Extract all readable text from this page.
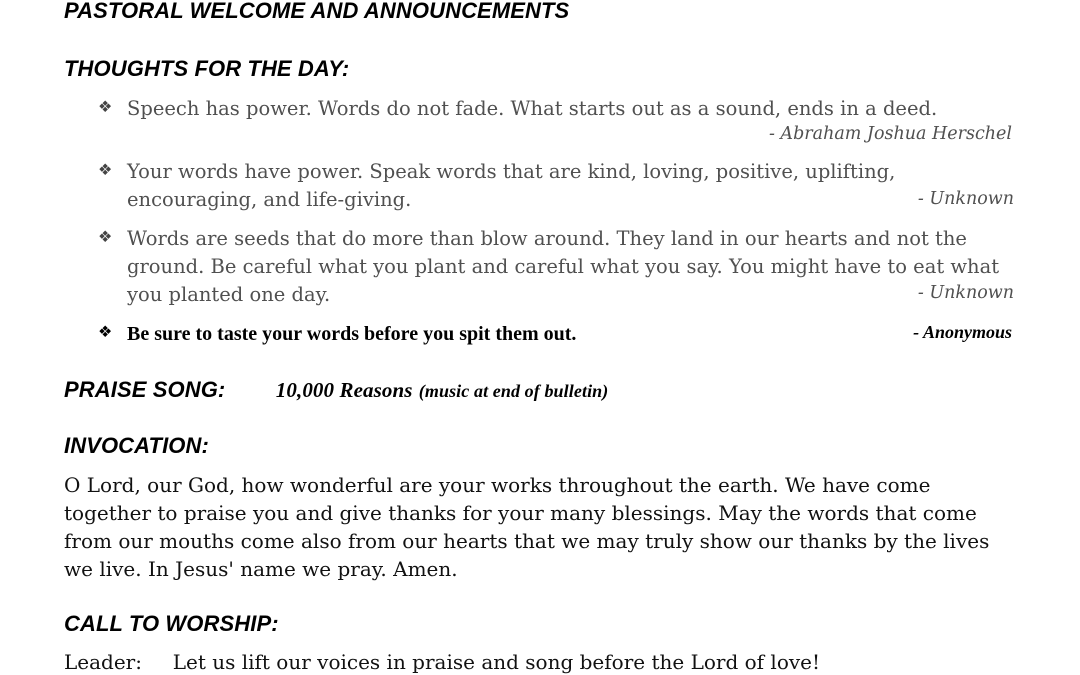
PASTORAL WELCOME AND ANNOUNCEMENTS
THOUGHTS FOR THE DAY:
❖ Speech has power. Words do not fade. What starts out as a sound, ends in a deed.
- Abraham Joshua Herschel
❖ Your words have power. Speak words that are kind, loving, positive, uplifting, encouraging, and life-giving.	- Unknown
❖ Words are seeds that do more than blow around. They land in our hearts and not the ground. Be careful what you plant and careful what you say. You might have to eat what you planted one day.	- Unknown
❖ Be sure to taste your words before you spit them out.	- Anonymous
PRAISE SONG: 10,000 Reasons (music at end of bulletin)
INVOCATION:
O Lord, our God, how wonderful are your works throughout the earth. We have come together to praise you and give thanks for your many blessings. May the words that come from our mouths come also from our hearts that we may truly show our thanks by the lives we live. In Jesus' name we pray. Amen.
CALL TO WORSHIP:
Leader: Let us lift our voices in praise and song before the Lord of love!
